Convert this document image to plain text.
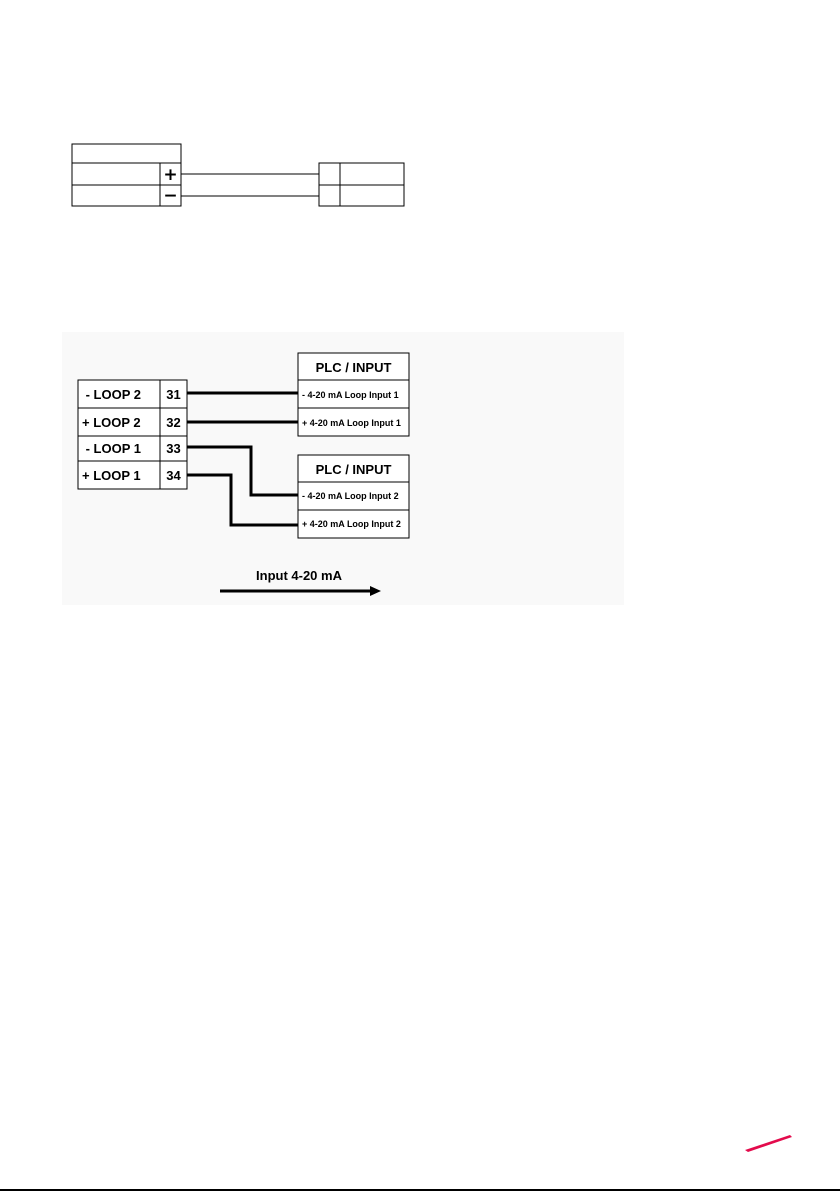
+
−
- LOOP 2
+ LOOP 2
- LOOP 1
+ LOOP 1
31
32
33
34
PLC / INPUT
- 4-20 mA Loop Input 1
+ 4-20 mA Loop Input 1
PLC / INPUT
- 4-20 mA Loop Input 2
+ 4-20 mA Loop Input 2
Input 4-20 mA
